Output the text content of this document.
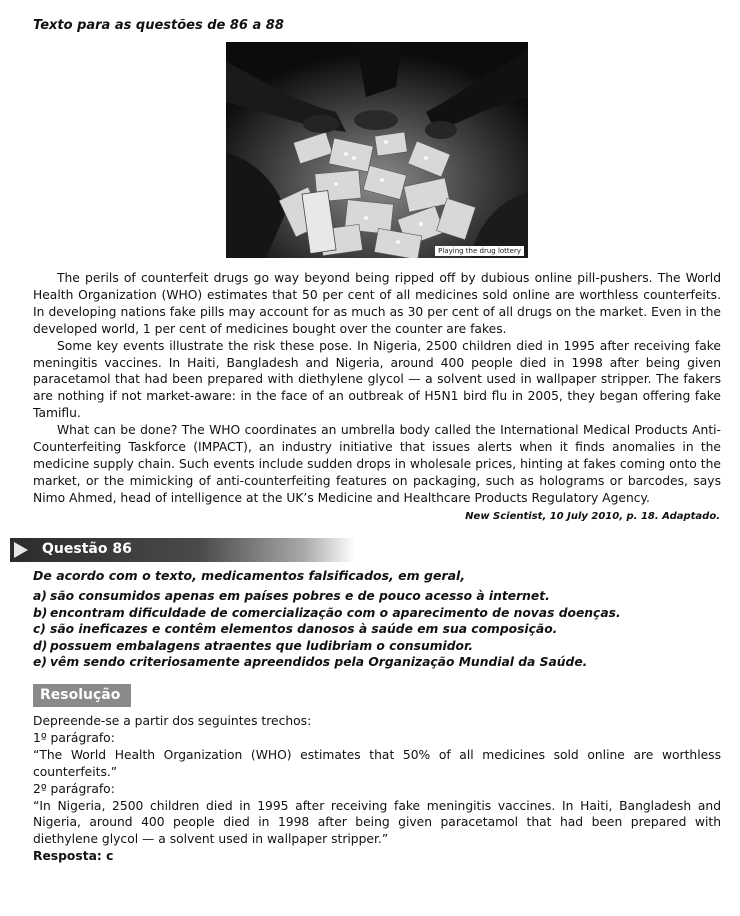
Texto para as questões de 86 a 88
Playing the drug lottery

The perils of counterfeit drugs go way beyond being ripped off by dubious online pill-pushers. The World Health Organization (WHO) estimates that 50 per cent of all medicines sold online are worthless counterfeits. In developing nations fake pills may account for as much as 30 per cent of all drugs on the market. Even in the developed world, 1 per cent of medicines bought over the counter are fakes.

Some key events illustrate the risk these pose. In Nigeria, 2500 children died in 1995 after receiving fake meningitis vaccines. In Haiti, Bangladesh and Nigeria, around 400 people died in 1998 after being given paracetamol that had been prepared with diethylene glycol — a solvent used in wallpaper stripper. The fakers are nothing if not market-aware: in the face of an outbreak of H5N1 bird flu in 2005, they began offering fake Tamiflu.

What can be done? The WHO coordinates an umbrella body called the International Medical Products Anti-Counterfeiting Taskforce (IMPACT), an industry initiative that issues alerts when it finds anomalies in the medicine supply chain. Such events include sudden drops in wholesale prices, hinting at fakes coming onto the market, or the mimicking of anti-counterfeiting features on packaging, such as holograms or barcodes, says Nimo Ahmed, head of intelligence at the UK’s Medicine and Healthcare Products Regulatory Agency.

New Scientist, 10 July 2010, p. 18. Adaptado.
Questão 86
De acordo com o texto, medicamentos falsificados, em geral,
a) são consumidos apenas em países pobres e de pouco acesso à internet.
b) encontram dificuldade de comercialização com o aparecimento de novas doenças.
c) são ineficazes e contêm elementos danosos à saúde em sua composição.
d) possuem embalagens atraentes que ludibriam o consumidor.
e) vêm sendo criteriosamente apreendidos pela Organização Mundial da Saúde.
Resolução
Depreende-se a partir dos seguintes trechos:
1º parágrafo:
“The World Health Organization (WHO) estimates that 50% of all medicines sold online are worthless counterfeits.”
2º parágrafo:
“In Nigeria, 2500 children died in 1995 after receiving fake meningitis vaccines. In Haiti, Bangladesh and Nigeria, around 400 people died in 1998 after being given paracetamol that had been prepared with diethylene glycol — a solvent used in wallpaper stripper.”
Resposta: c
